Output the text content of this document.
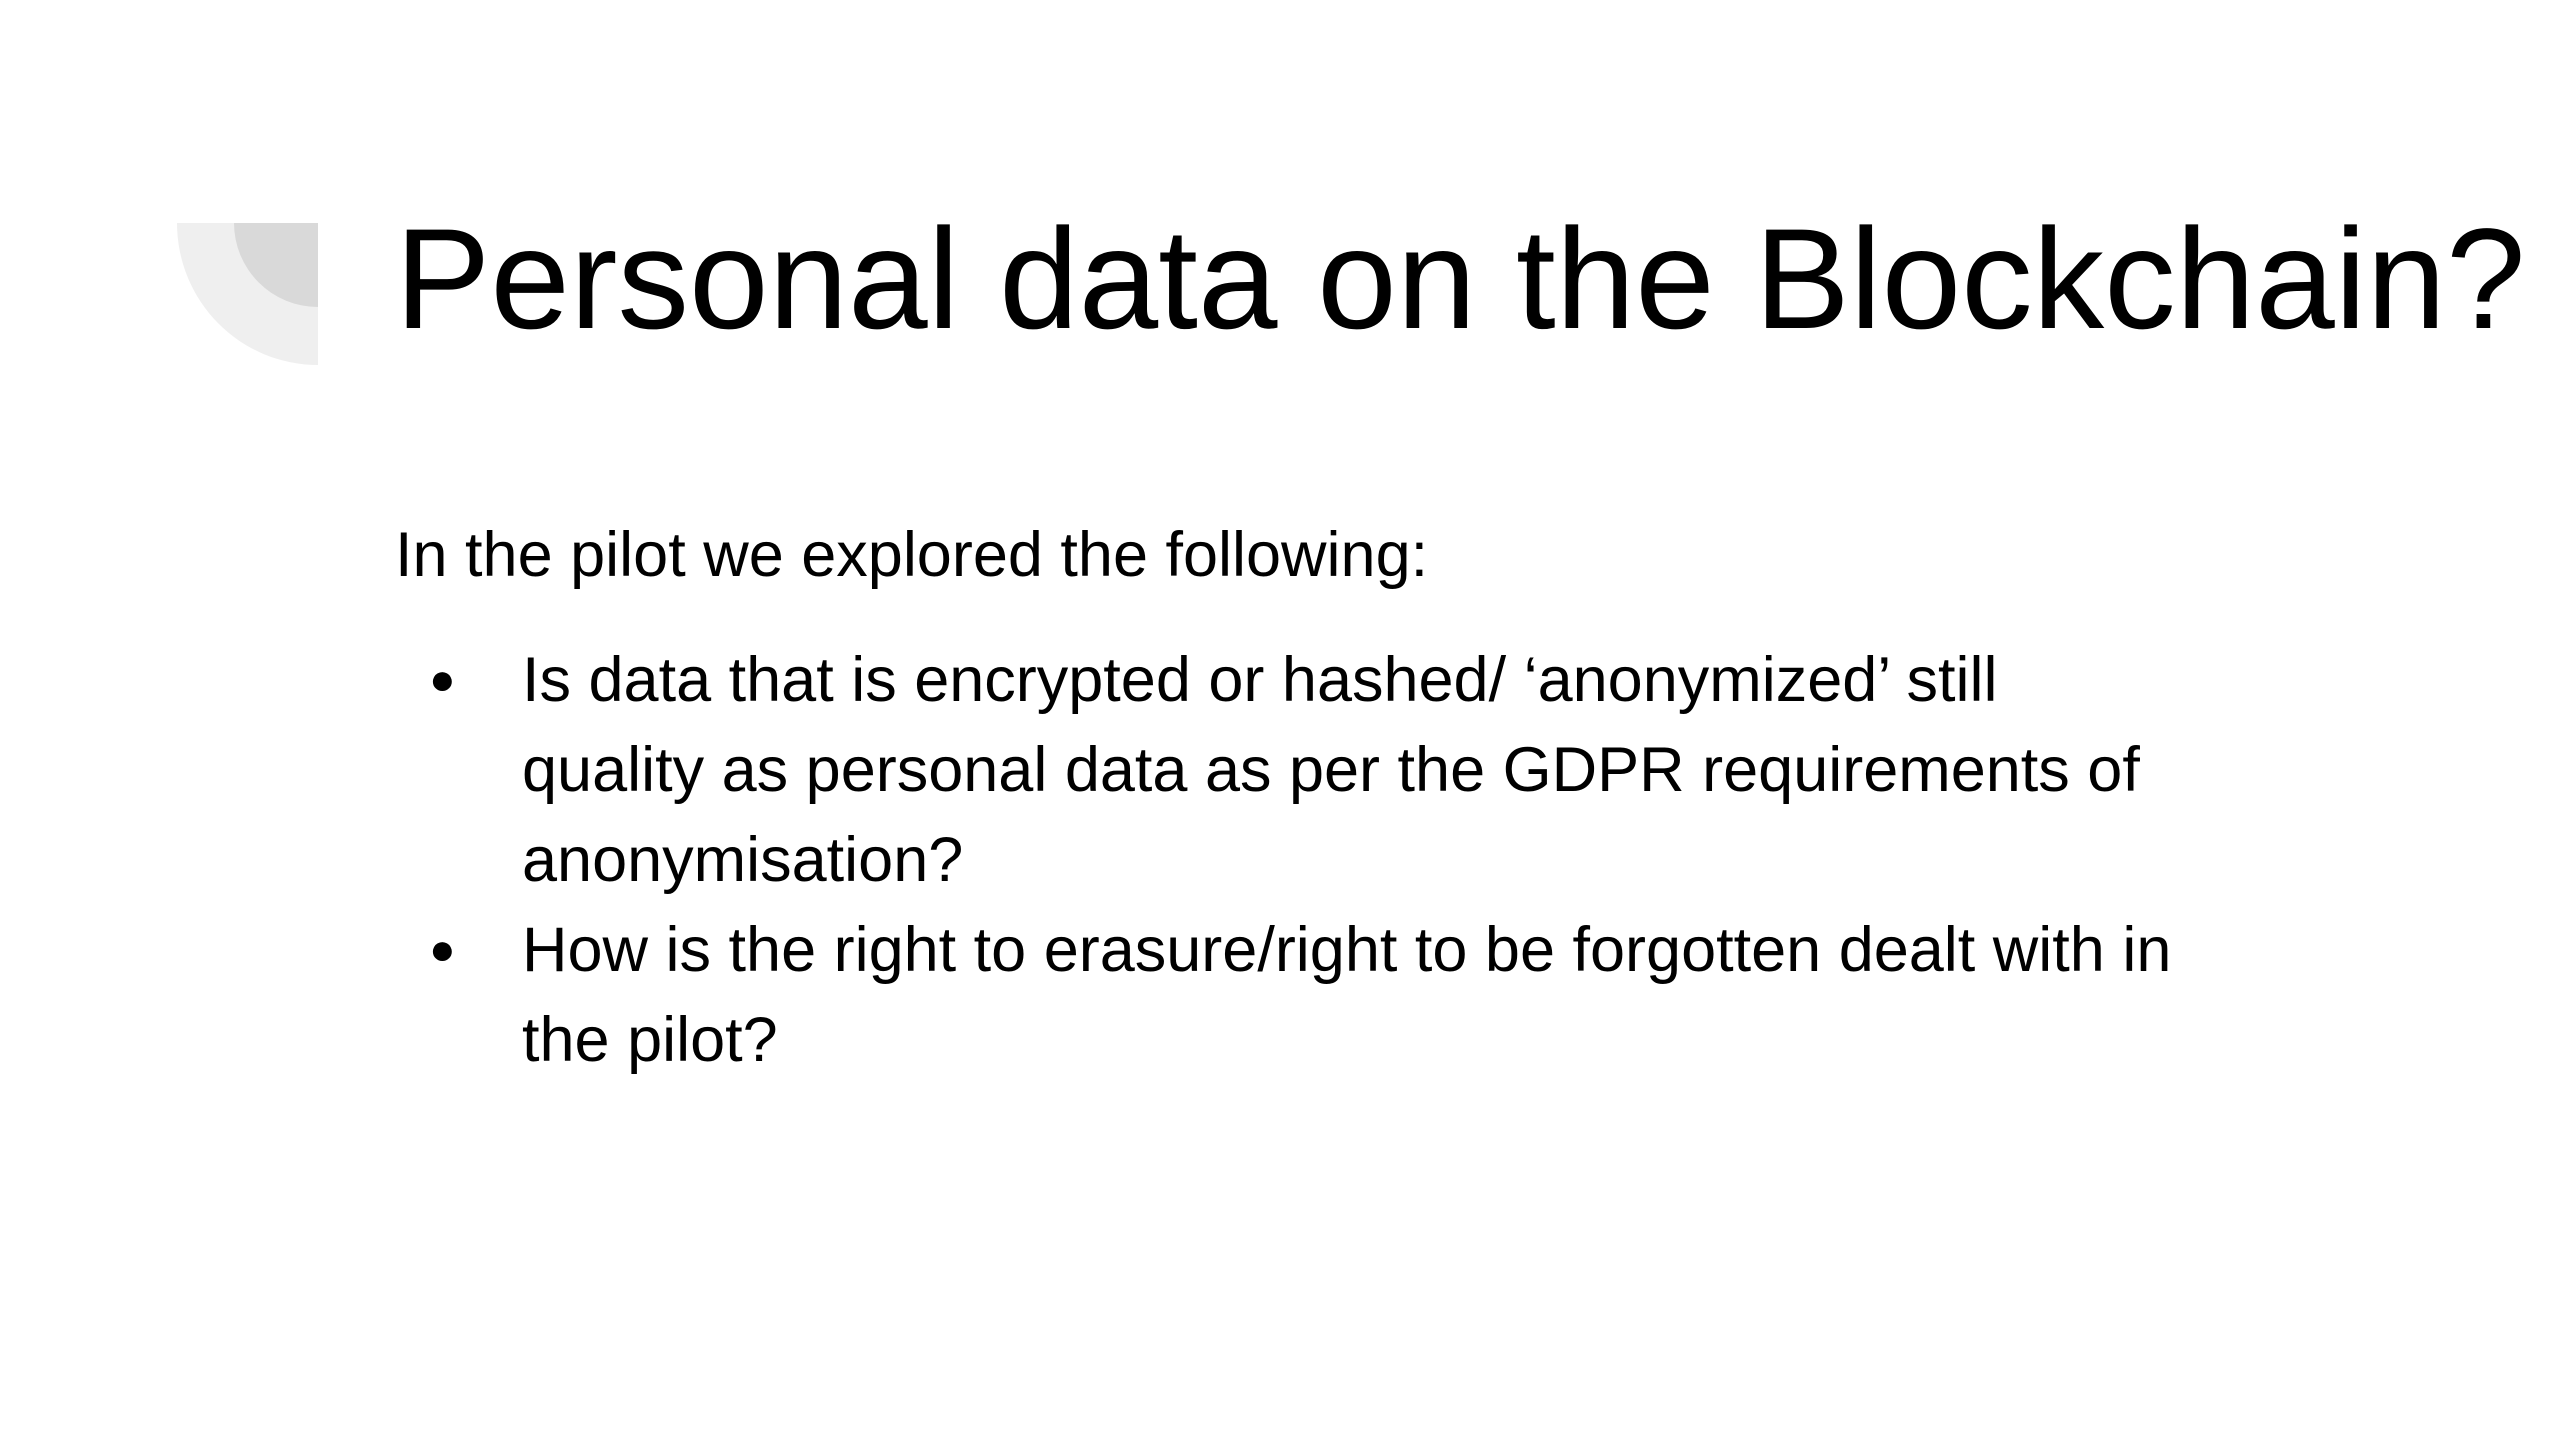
Personal data on the Blockchain?

In the pilot we explored the following:

● Is data that is encrypted or hashed/ ‘anonymized’ still
quality as personal data as per the GDPR requirements of
anonymisation?
● How is the right to erasure/right to be forgotten dealt with in
the pilot?
